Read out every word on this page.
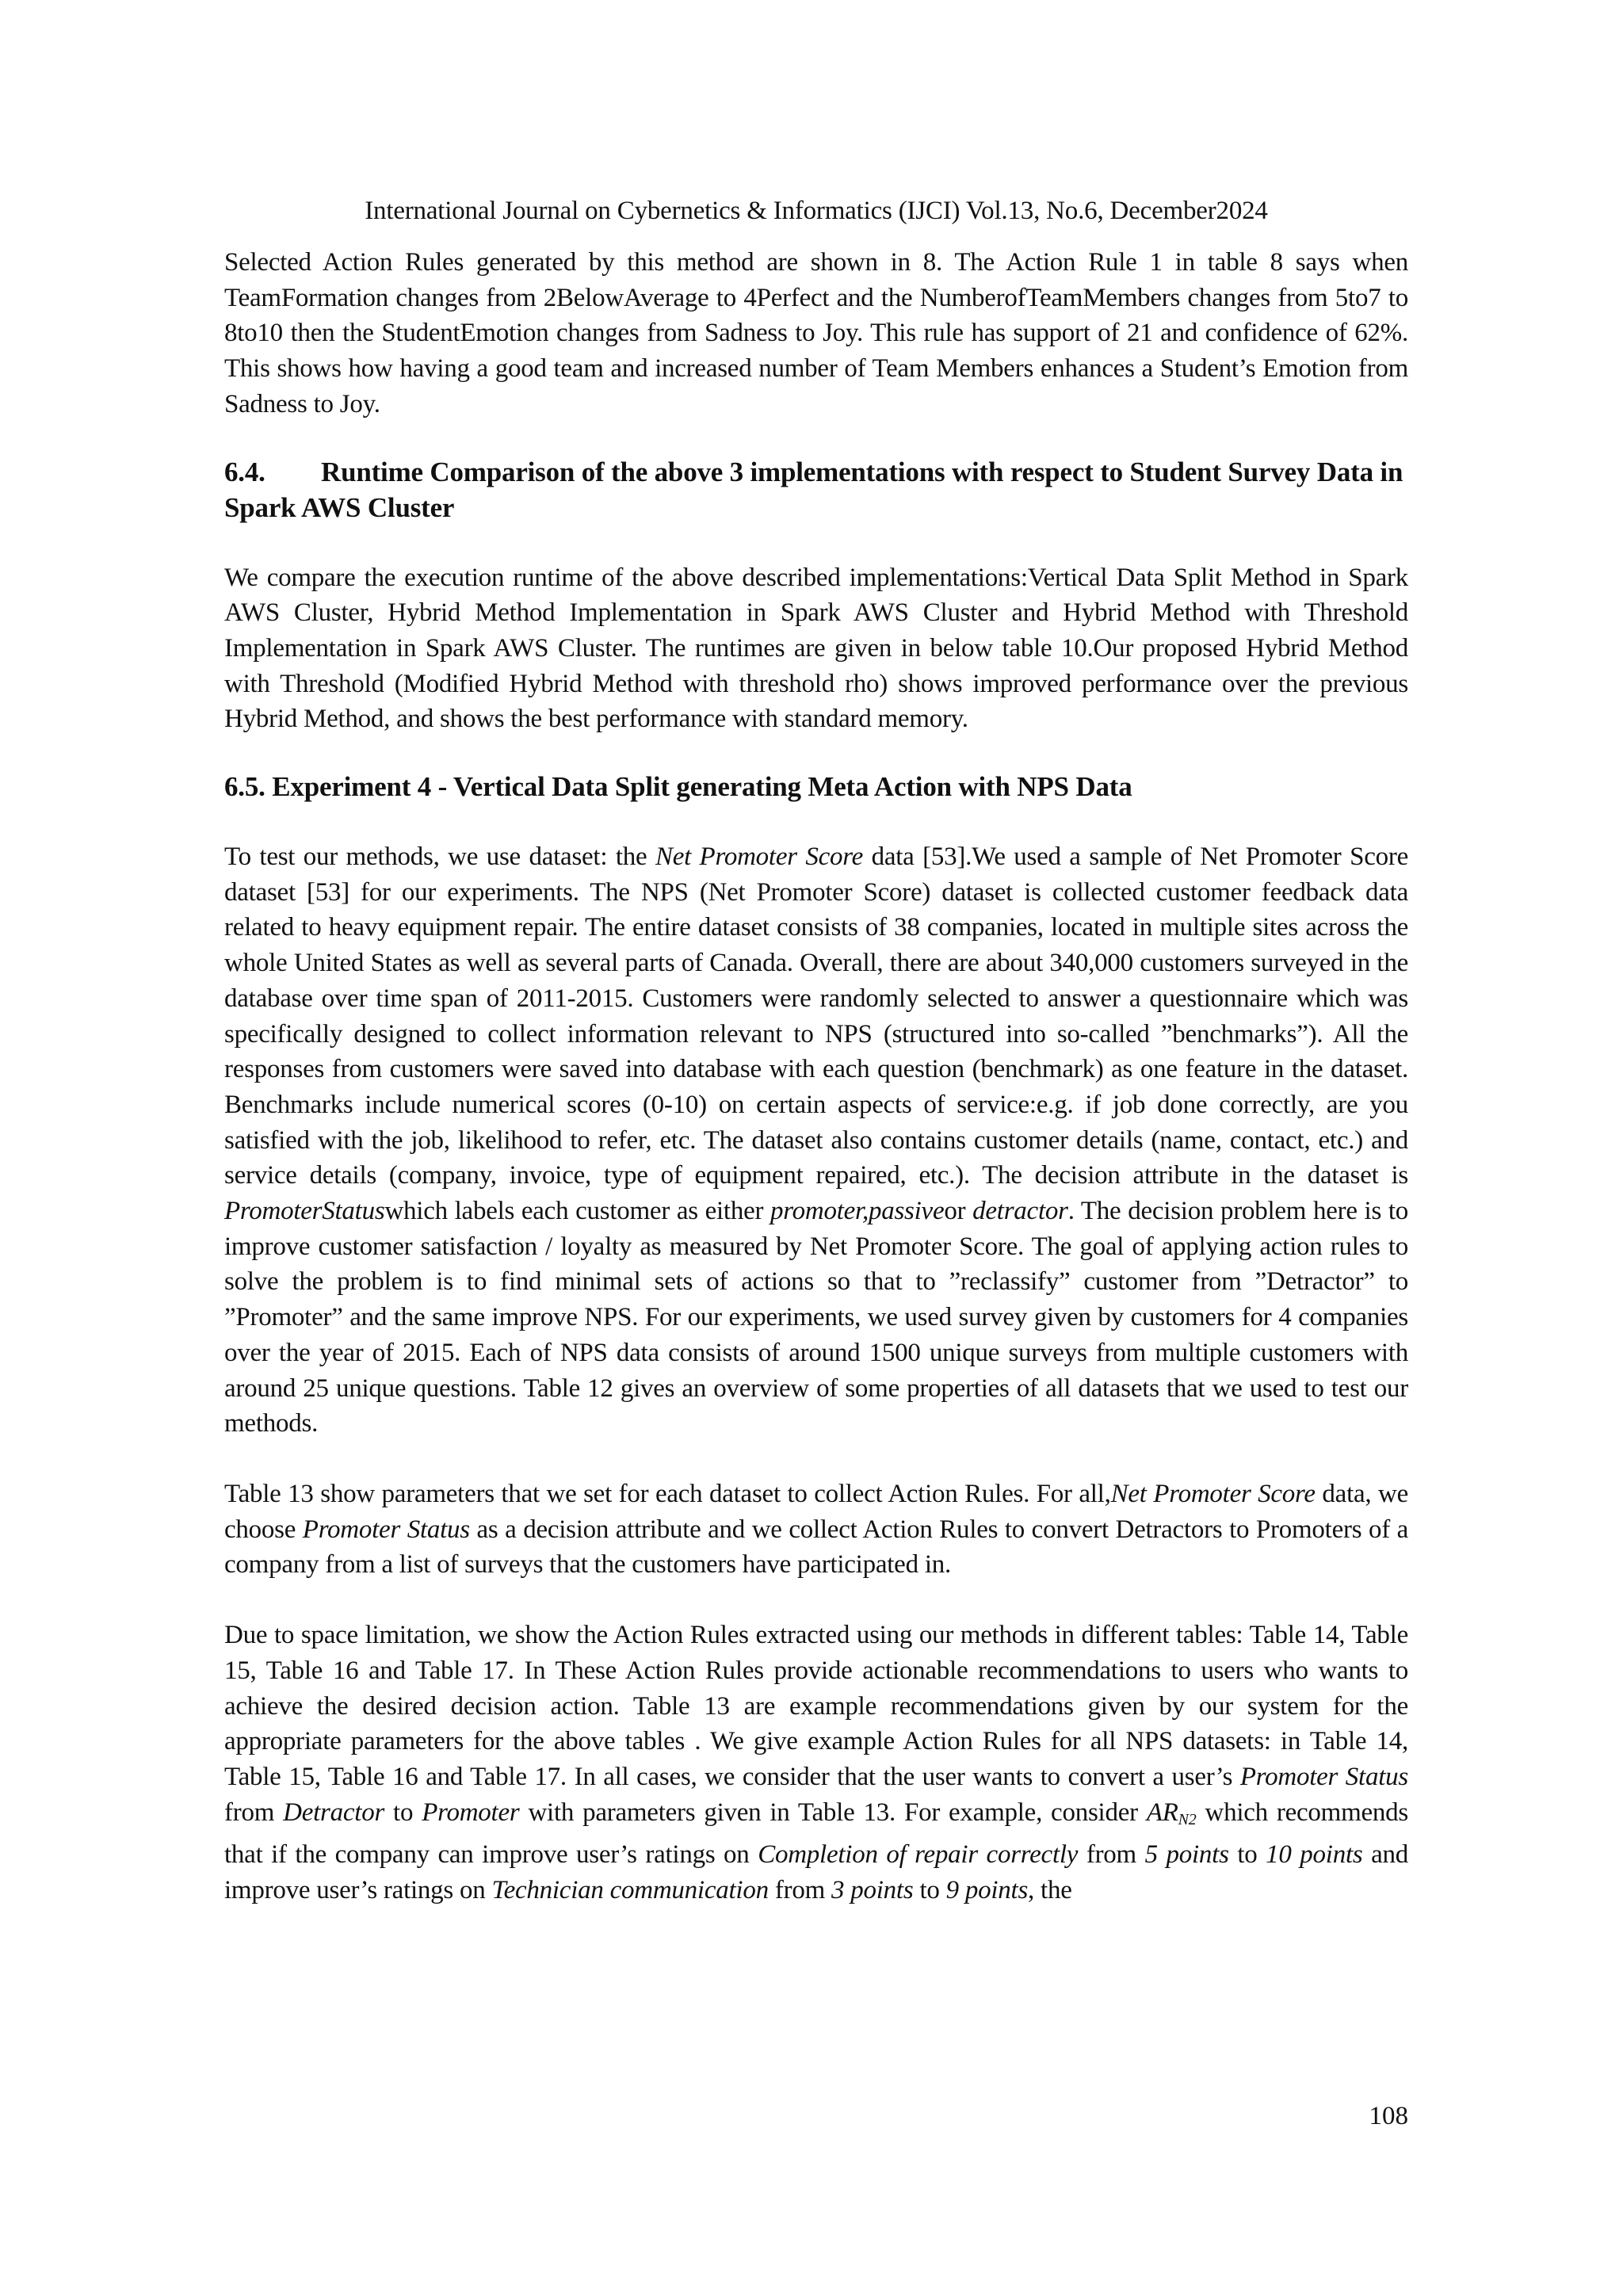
International Journal on Cybernetics & Informatics (IJCI) Vol.13, No.6, December2024

Selected Action Rules generated by this method are shown in 8. The Action Rule 1 in table 8 says when TeamFormation changes from 2BelowAverage to 4Perfect and the NumberofTeamMembers changes from 5to7 to 8to10 then the StudentEmotion changes from Sadness to Joy. This rule has support of 21 and confidence of 62%. This shows how having a good team and increased number of Team Members enhances a Student’s Emotion from Sadness to Joy.

6.4. Runtime Comparison of the above 3 implementations with respect to Student Survey Data in Spark AWS Cluster

We compare the execution runtime of the above described implementations:Vertical Data Split Method in Spark AWS Cluster, Hybrid Method Implementation in Spark AWS Cluster and Hybrid Method with Threshold Implementation in Spark AWS Cluster. The runtimes are given in below table 10.Our proposed Hybrid Method with Threshold (Modified Hybrid Method with threshold rho) shows improved performance over the previous Hybrid Method, and shows the best performance with standard memory.

6.5. Experiment 4 - Vertical Data Split generating Meta Action with NPS Data

To test our methods, we use dataset: the Net Promoter Score data [53].We used a sample of Net Promoter Score dataset [53] for our experiments. The NPS (Net Promoter Score) dataset is collected customer feedback data related to heavy equipment repair. The entire dataset consists of 38 companies, located in multiple sites across the whole United States as well as several parts of Canada. Overall, there are about 340,000 customers surveyed in the database over time span of 2011-2015. Customers were randomly selected to answer a questionnaire which was specifically designed to collect information relevant to NPS (structured into so-called ”benchmarks”). All the responses from customers were saved into database with each question (benchmark) as one feature in the dataset. Benchmarks include numerical scores (0-10) on certain aspects of service:e.g. if job done correctly, are you satisfied with the job, likelihood to refer, etc. The dataset also contains customer details (name, contact, etc.) and service details (company, invoice, type of equipment repaired, etc.). The decision attribute in the dataset is PromoterStatuswhich labels each customer as either promoter,passiveor detractor. The decision problem here is to improve customer satisfaction / loyalty as measured by Net Promoter Score. The goal of applying action rules to solve the problem is to find minimal sets of actions so that to ”reclassify” customer from ”Detractor” to ”Promoter” and the same improve NPS. For our experiments, we used survey given by customers for 4 companies over the year of 2015. Each of NPS data consists of around 1500 unique surveys from multiple customers with around 25 unique questions. Table 12 gives an overview of some properties of all datasets that we used to test our methods.

Table 13 show parameters that we set for each dataset to collect Action Rules. For all,Net Promoter Score data, we choose Promoter Status as a decision attribute and we collect Action Rules to convert Detractors to Promoters of a company from a list of surveys that the customers have participated in.

Due to space limitation, we show the Action Rules extracted using our methods in different tables: Table 14, Table 15, Table 16 and Table 17. In These Action Rules provide actionable recommendations to users who wants to achieve the desired decision action. Table 13 are example recommendations given by our system for the appropriate parameters for the above tables . We give example Action Rules for all NPS datasets: in Table 14, Table 15, Table 16 and Table 17. In all cases, we consider that the user wants to convert a user’s Promoter Status from Detractor to Promoter with parameters given in Table 13. For example, consider $AR_{N2}$ which recommends that if the company can improve user’s ratings on Completion of repair correctly from 5 points to 10 points and improve user’s ratings on Technician communication from 3 points to 9 points, the

108
